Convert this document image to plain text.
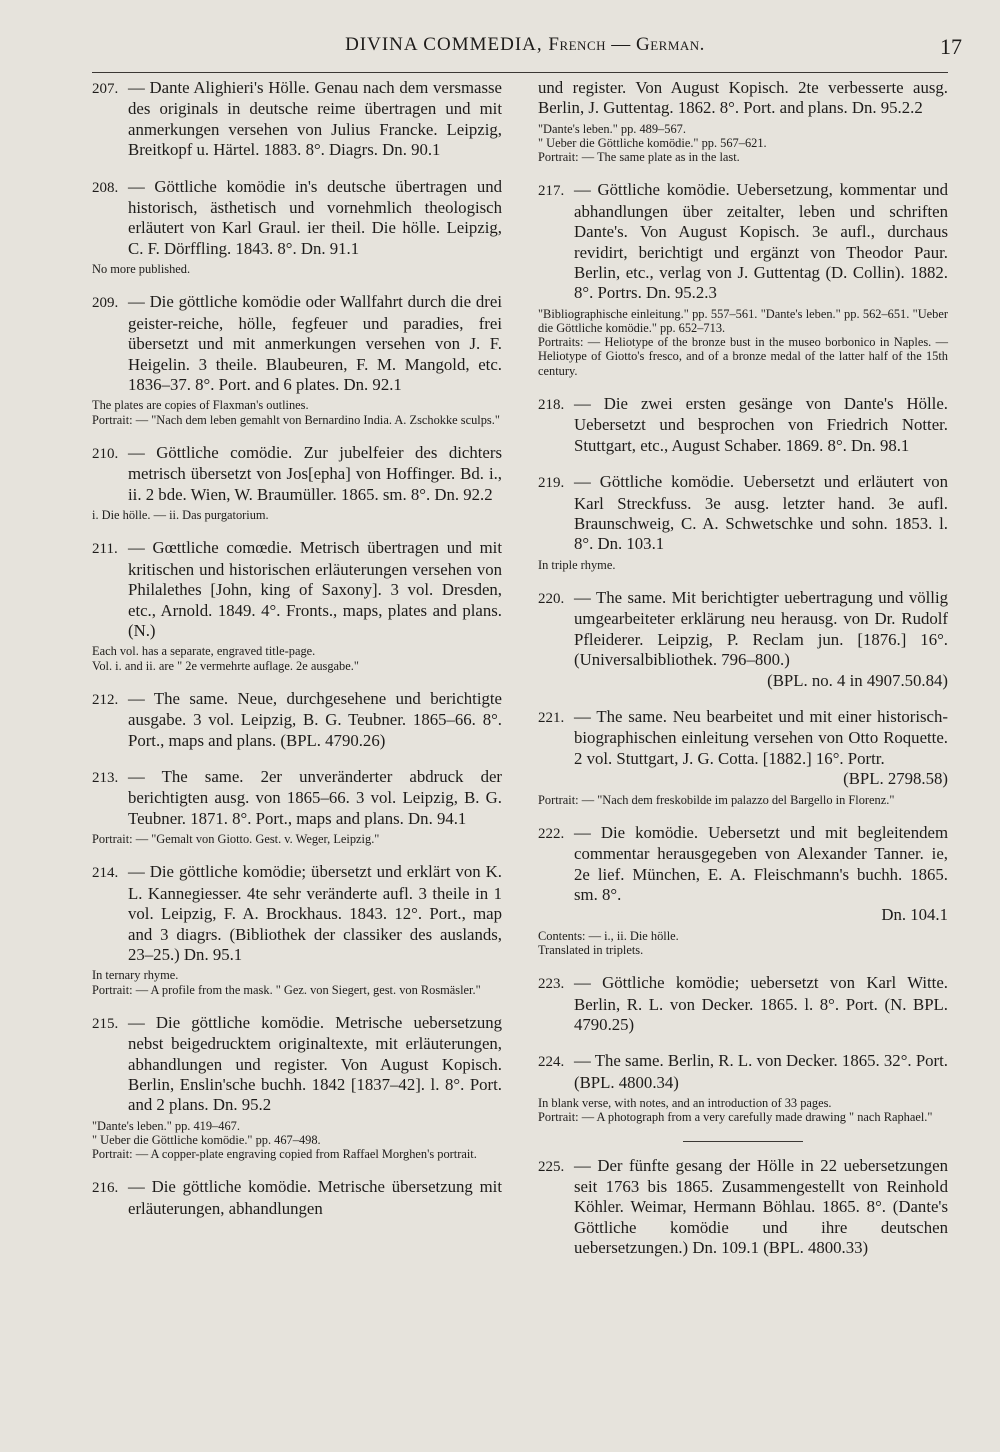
DIVINA COMMEDIA, French — German.	17

207. — Dante Alighieri's Hölle. Genau nach dem versmasse des originals in deutsche reime übertragen und mit anmerkungen versehen von Julius Francke. Leipzig, Breitkopf u. Härtel. 1883. 8°. Diagrs. Dn. 90.1

208. — Göttliche komödie in's deutsche übertragen und historisch, ästhetisch und vornehmlich theologisch erläutert von Karl Graul. ier theil. Die hölle. Leipzig, C. F. Dörffling. 1843. 8°. Dn. 91.1

No more published.

209. — Die göttliche komödie oder Wallfahrt durch die drei geister-reiche, hölle, fegfeuer und paradies, frei übersetzt und mit anmerkungen versehen von J. F. Heigelin. 3 theile. Blaubeuren, F. M. Mangold, etc. 1836–37. 8°. Port. and 6 plates. Dn. 92.1

The plates are copies of Flaxman's outlines.

Portrait: — "Nach dem leben gemahlt von Bernardino India. A. Zschokke sculps."

210. — Göttliche comödie. Zur jubelfeier des dichters metrisch übersetzt von Jos[epha] von Hoffinger. Bd. i., ii. 2 bde. Wien, W. Braumüller. 1865. sm. 8°. Dn. 92.2

i. Die hölle. — ii. Das purgatorium.

211. — Gœttliche comœdie. Metrisch übertragen und mit kritischen und historischen erläuterungen versehen von Philalethes [John, king of Saxony]. 3 vol. Dresden, etc., Arnold. 1849. 4°. Fronts., maps, plates and plans. (N.)

Each vol. has a separate, engraved title-page.

Vol. i. and ii. are " 2e vermehrte auflage. 2e ausgabe."

212. — The same. Neue, durchgesehene und berichtigte ausgabe. 3 vol. Leipzig, B. G. Teubner. 1865–66. 8°. Port., maps and plans. (BPL. 4790.26)

213. — The same. 2er unveränderter abdruck der berichtigten ausg. von 1865–66. 3 vol. Leipzig, B. G. Teubner. 1871. 8°. Port., maps and plans. Dn. 94.1

Portrait: — "Gemalt von Giotto. Gest. v. Weger, Leipzig."

214. — Die göttliche komödie; übersetzt und erklärt von K. L. Kannegiesser. 4te sehr veränderte aufl. 3 theile in 1 vol. Leipzig, F. A. Brockhaus. 1843. 12°. Port., map and 3 diagrs. (Bibliothek der classiker des auslands, 23–25.) Dn. 95.1

In ternary rhyme.

Portrait: — A profile from the mask. " Gez. von Siegert, gest. von Rosmäsler."

215. — Die göttliche komödie. Metrische uebersetzung nebst beigedrucktem originaltexte, mit erläuterungen, abhandlungen und register. Von August Kopisch. Berlin, Enslin'sche buchh. 1842 [1837–42]. l. 8°. Port. and 2 plans. Dn. 95.2

"Dante's leben." pp. 419–467.

" Ueber die Göttliche komödie." pp. 467–498.

Portrait: — A copper-plate engraving copied from Raffael Morghen's portrait.

216. — Die göttliche komödie. Metrische übersetzung mit erläuterungen, abhandlungen

und register. Von August Kopisch. 2te verbesserte ausg. Berlin, J. Guttentag. 1862. 8°. Port. and plans. Dn. 95.2.2

"Dante's leben." pp. 489–567.

" Ueber die Göttliche komödie." pp. 567–621.

Portrait: — The same plate as in the last.

217. — Göttliche komödie. Uebersetzung, kommentar und abhandlungen über zeitalter, leben und schriften Dante's. Von August Kopisch. 3e aufl., durchaus revidirt, berichtigt und ergänzt von Theodor Paur. Berlin, etc., verlag von J. Guttentag (D. Collin). 1882. 8°. Portrs. Dn. 95.2.3

"Bibliographische einleitung." pp. 557–561. "Dante's leben." pp. 562–651. "Ueber die Göttliche komödie." pp. 652–713.

Portraits: — Heliotype of the bronze bust in the museo borbonico in Naples. — Heliotype of Giotto's fresco, and of a bronze medal of the latter half of the 15th century.

218. — Die zwei ersten gesänge von Dante's Hölle. Uebersetzt und besprochen von Friedrich Notter. Stuttgart, etc., August Schaber. 1869. 8°. Dn. 98.1

219. — Göttliche komödie. Uebersetzt und erläutert von Karl Streckfuss. 3e ausg. letzter hand. 3e aufl. Braunschweig, C. A. Schwetschke und sohn. 1853. l. 8°. Dn. 103.1

In triple rhyme.

220. — The same. Mit berichtigter uebertragung und völlig umgearbeiteter erklärung neu herausg. von Dr. Rudolf Pfleiderer. Leipzig, P. Reclam jun. [1876.] 16°. (Universalbibliothek. 796–800.)

(BPL. no. 4 in 4907.50.84)

221. — The same. Neu bearbeitet und mit einer historisch-biographischen einleitung versehen von Otto Roquette. 2 vol. Stuttgart, J. G. Cotta. [1882.] 16°. Portr.

(BPL. 2798.58)

Portrait: — "Nach dem freskobilde im palazzo del Bargello in Florenz."

222. — Die komödie. Uebersetzt und mit begleitendem commentar herausgegeben von Alexander Tanner. ie, 2e lief. München, E. A. Fleischmann's buchh. 1865. sm. 8°.

Dn. 104.1

Contents: — i., ii. Die hölle.

Translated in triplets.

223. — Göttliche komödie; uebersetzt von Karl Witte. Berlin, R. L. von Decker. 1865. l. 8°. Port. (N. BPL. 4790.25)

224. — The same. Berlin, R. L. von Decker. 1865. 32°. Port. (BPL. 4800.34)

In blank verse, with notes, and an introduction of 33 pages.

Portrait: — A photograph from a very carefully made drawing " nach Raphael."

225. — Der fünfte gesang der Hölle in 22 uebersetzungen seit 1763 bis 1865. Zusammengestellt von Reinhold Köhler. Weimar, Hermann Böhlau. 1865. 8°. (Dante's Göttliche komödie und ihre deutschen uebersetzungen.) Dn. 109.1 (BPL. 4800.33)
